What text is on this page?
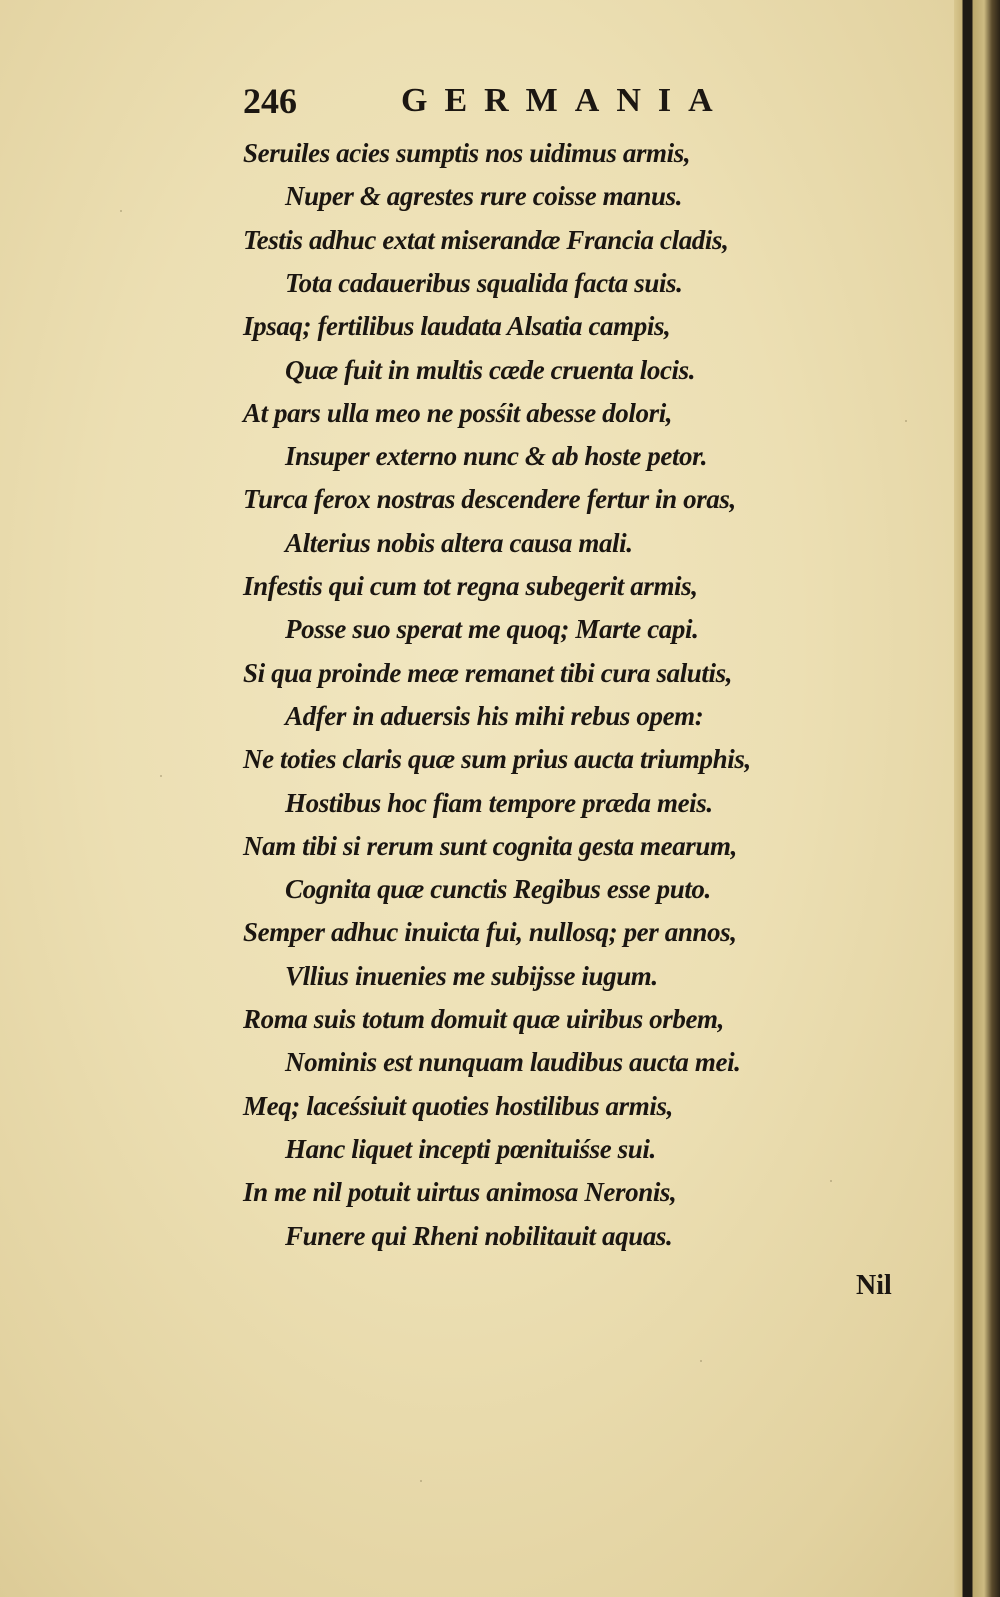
246	GERMANIA
Seruiles acies sumptis nos uidimus armis,
Nuper & agrestes rure coisse manus.
Testis adhuc extat miserandæ Francia cladis,
Tota cadaueribus squalida facta suis.
Ipsaq; fertilibus laudata Alsatia campis,
Quæ fuit in multis cæde cruenta locis.
At pars ulla meo ne posśit abesse dolori,
Insuper externo nunc & ab hoste petor.
Turca ferox nostras descendere fertur in oras,
Alterius nobis altera causa mali.
Infestis qui cum tot regna subegerit armis,
Posse suo sperat me quoq; Marte capi.
Si qua proinde meæ remanet tibi cura salutis,
Adfer in aduersis his mihi rebus opem:
Ne toties claris quæ sum prius aucta triumphis,
Hostibus hoc fiam tempore præda meis.
Nam tibi si rerum sunt cognita gesta mearum,
Cognita quæ cunctis Regibus esse puto.
Semper adhuc inuicta fui, nullosq; per annos,
Vllius inuenies me subijsse iugum.
Roma suis totum domuit quæ uiribus orbem,
Nominis est nunquam laudibus aucta mei.
Meq; laceśsiuit quoties hostilibus armis,
Hanc liquet incepti pœnituiśse sui.
In me nil potuit uirtus animosa Neronis,
Funere qui Rheni nobilitauit aquas.
Nil
